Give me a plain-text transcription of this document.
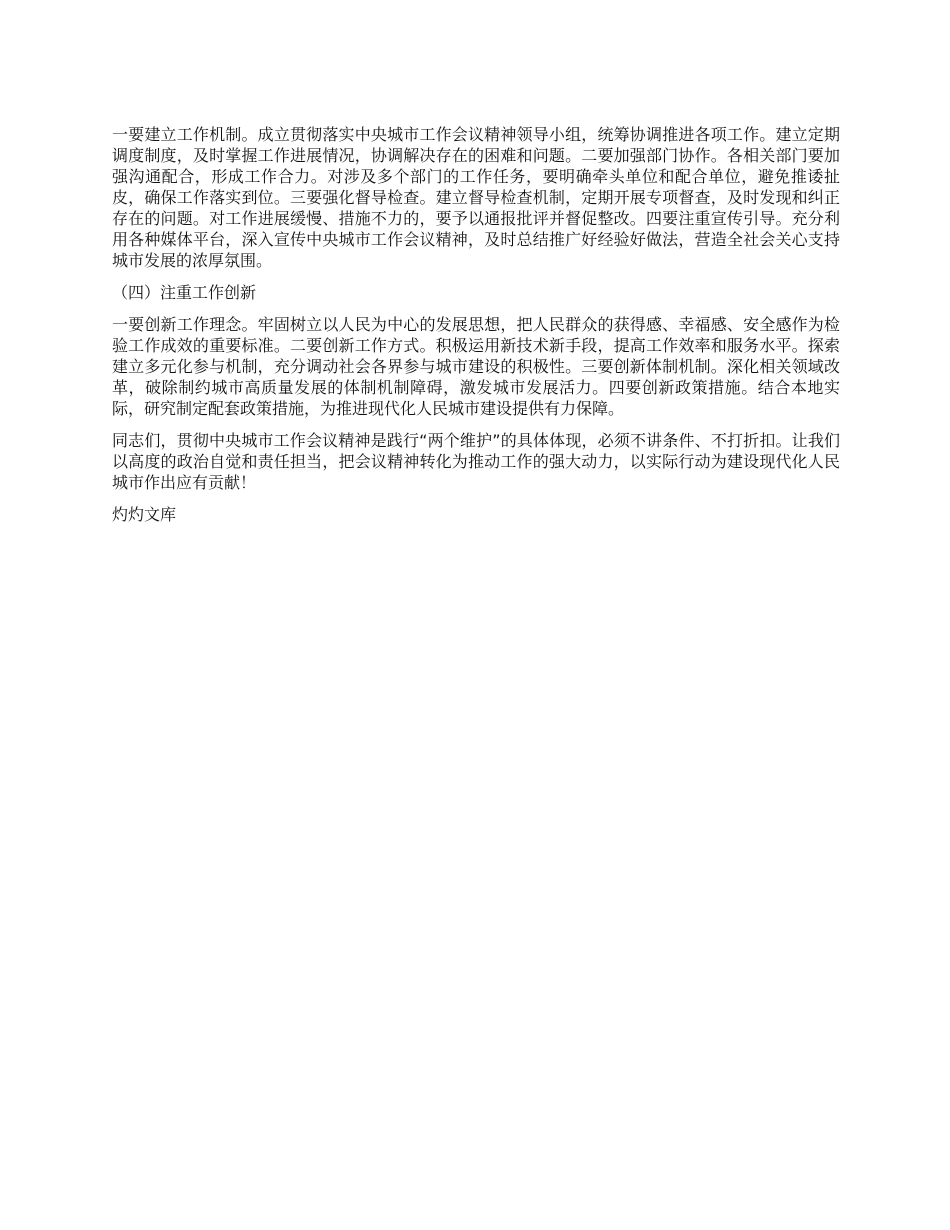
一要建立工作机制。成立贯彻落实中央城市工作会议精神领导小组，统筹协调推进各项工作。建立定期调度制度，及时掌握工作进展情况，协调解决存在的困难和问题。二要加强部门协作。各相关部门要加强沟通配合，形成工作合力。对涉及多个部门的工作任务，要明确牵头单位和配合单位，避免推诿扯皮，确保工作落实到位。三要强化督导检查。建立督导检查机制，定期开展专项督查，及时发现和纠正存在的问题。对工作进展缓慢、措施不力的，要予以通报批评并督促整改。四要注重宣传引导。充分利用各种媒体平台，深入宣传中央城市工作会议精神，及时总结推广好经验好做法，营造全社会关心支持城市发展的浓厚氛围。

（四）注重工作创新

一要创新工作理念。牢固树立以人民为中心的发展思想，把人民群众的获得感、幸福感、安全感作为检验工作成效的重要标准。二要创新工作方式。积极运用新技术新手段，提高工作效率和服务水平。探索建立多元化参与机制，充分调动社会各界参与城市建设的积极性。三要创新体制机制。深化相关领域改革，破除制约城市高质量发展的体制机制障碍，激发城市发展活力。四要创新政策措施。结合本地实际，研究制定配套政策措施，为推进现代化人民城市建设提供有力保障。

同志们，贯彻中央城市工作会议精神是践行“两个维护”的具体体现，必须不讲条件、不打折扣。让我们以高度的政治自觉和责任担当，把会议精神转化为推动工作的强大动力，以实际行动为建设现代化人民城市作出应有贡献！

灼灼文库
